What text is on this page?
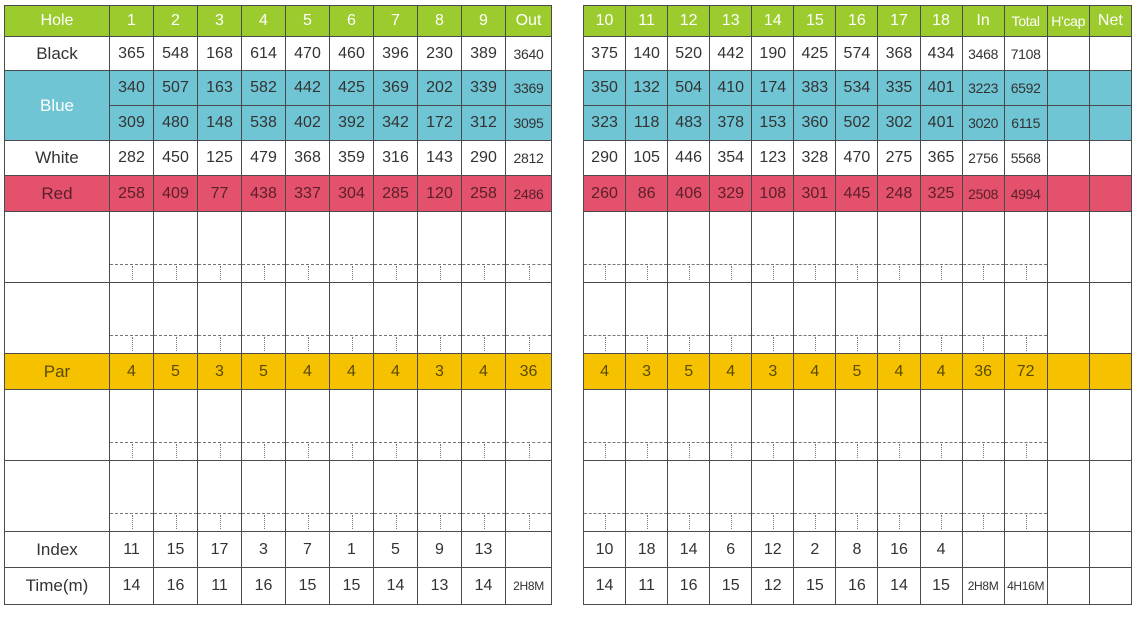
Hole	1	2	3	4	5	6	7	8	9	Out
Black	365	548	168	614	470	460	396	230	389	3640
Blue	340	507	163	582	442	425	369	202	339	3369
	309	480	148	538	402	392	342	172	312	3095
White	282	450	125	479	368	359	316	143	290	2812
Red	258	409	77	438	337	304	285	120	258	2486

Par	4	5	3	5	4	4	4	3	4	36

Index	11	15	17	3	7	1	5	9	13	
Time(m)	14	16	11	16	15	15	14	13	14	2H8M
10	11	12	13	14	15	16	17	18	In	Total	H'cap	Net
375	140	520	442	190	425	574	368	434	3468	7108		
350	132	504	410	174	383	534	335	401	3223	6592		
323	118	483	378	153	360	502	302	401	3020	6115		
290	105	446	354	123	328	470	275	365	2756	5568		
260	86	406	329	108	301	445	248	325	2508	4994		

4	3	5	4	3	4	5	4	4	36	72		

10	18	14	6	12	2	8	16	4				
14	11	16	15	12	15	16	14	15	2H8M	4H16M		
